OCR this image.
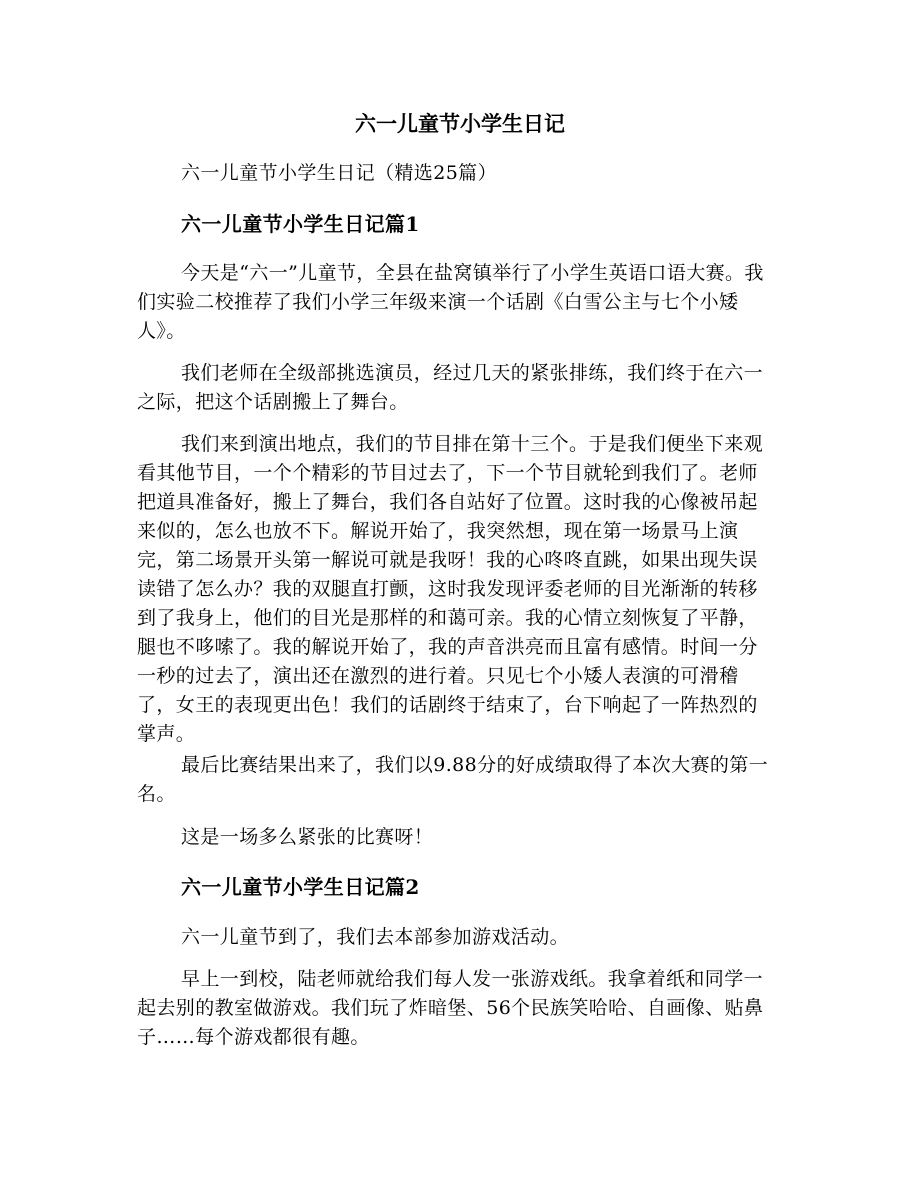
六一儿童节小学生日记
六一儿童节小学生日记（精选25篇）
六一儿童节小学生日记篇1
今天是“六一”儿童节，全县在盐窝镇举行了小学生英语口语大赛。我们实验二校推荐了我们小学三年级来演一个话剧《白雪公主与七个小矮人》。
我们老师在全级部挑选演员，经过几天的紧张排练，我们终于在六一之际，把这个话剧搬上了舞台。
我们来到演出地点，我们的节目排在第十三个。于是我们便坐下来观看其他节目，一个个精彩的节目过去了，下一个节目就轮到我们了。老师把道具准备好，搬上了舞台，我们各自站好了位置。这时我的心像被吊起来似的，怎么也放不下。解说开始了，我突然想，现在第一场景马上演完，第二场景开头第一解说可就是我呀！我的心咚咚直跳，如果出现失误读错了怎么办？我的双腿直打颤，这时我发现评委老师的目光渐渐的转移到了我身上，他们的目光是那样的和蔼可亲。我的心情立刻恢复了平静，腿也不哆嗦了。我的解说开始了，我的声音洪亮而且富有感情。时间一分一秒的过去了，演出还在激烈的进行着。只见七个小矮人表演的可滑稽了，女王的表现更出色！我们的话剧终于结束了，台下响起了一阵热烈的掌声。
最后比赛结果出来了，我们以9.88分的好成绩取得了本次大赛的第一名。
这是一场多么紧张的比赛呀！
六一儿童节小学生日记篇2
六一儿童节到了，我们去本部参加游戏活动。
早上一到校，陆老师就给我们每人发一张游戏纸。我拿着纸和同学一起去别的教室做游戏。我们玩了炸暗堡、56个民族笑哈哈、自画像、贴鼻子……每个游戏都很有趣。
